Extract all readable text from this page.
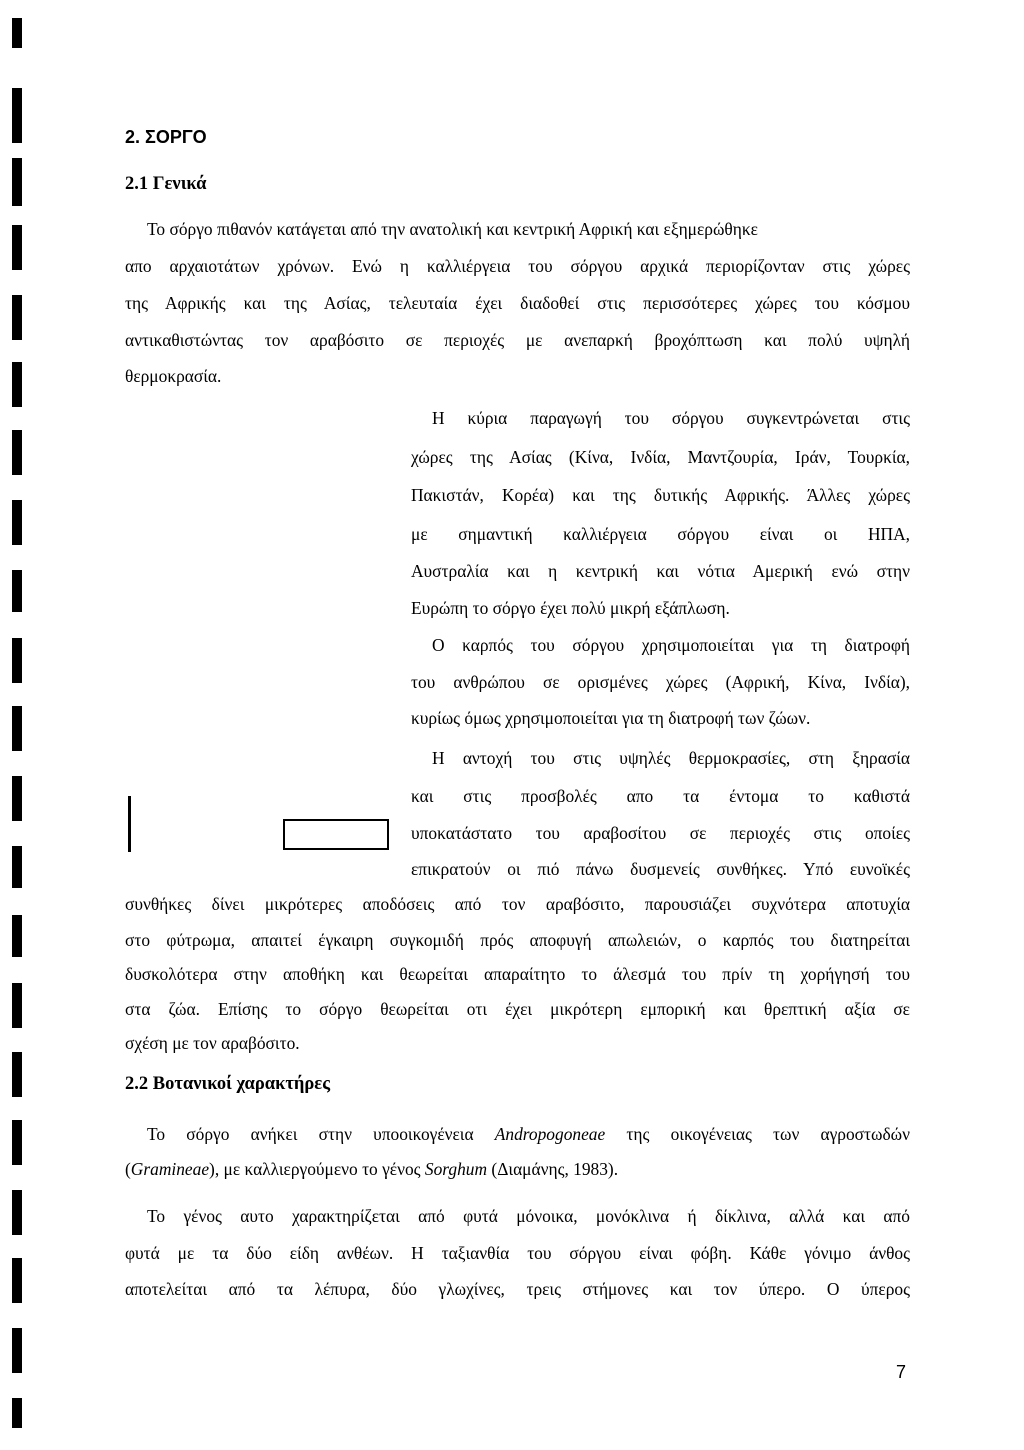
2. ΣΟΡΓΟ
2.1 Γενικά
Το σόργο πιθανόν κατάγεται από την ανατολική και κεντρική Αφρική και εξημερώθηκε
απο αρχαιοτάτων χρόνων. Ενώ η καλλιέργεια του σόργου αρχικά περιορίζονταν στις χώρες
της Αφρικής και της Ασίας, τελευταία έχει διαδοθεί στις περισσότερες χώρες του κόσμου
αντικαθιστώντας τον αραβόσιτο σε περιοχές με ανεπαρκή βροχόπτωση και πολύ υψηλή
θερμοκρασία.
Η κύρια παραγωγή του σόργου συγκεντρώνεται στις
χώρες της Ασίας (Κίνα, Ινδία, Μαντζουρία, Ιράν, Τουρκία,
Πακιστάν, Κορέα) και της δυτικής Αφρικής. Άλλες χώρες
με σημαντική καλλιέργεια σόργου είναι οι ΗΠΑ,
Αυστραλία και η κεντρική και νότια Αμερική ενώ στην
Ευρώπη το σόργο έχει πολύ μικρή εξάπλωση.
Ο καρπός του σόργου χρησιμοποιείται για τη διατροφή
του ανθρώπου σε ορισμένες χώρες (Αφρική, Κίνα, Ινδία),
κυρίως όμως χρησιμοποιείται για τη διατροφή των ζώων.
Η αντοχή του στις υψηλές θερμοκρασίες, στη ξηρασία
και στις προσβολές απο τα έντομα το καθιστά
υποκατάστατο του αραβοσίτου σε περιοχές στις οποίες
επικρατούν οι πιό πάνω δυσμενείς συνθήκες. Υπό ευνοϊκές
συνθήκες δίνει μικρότερες αποδόσεις από τον αραβόσιτο, παρουσιάζει συχνότερα αποτυχία
στο φύτρωμα, απαιτεί έγκαιρη συγκομιδή πρός αποφυγή απωλειών, ο καρπός του διατηρείται
δυσκολότερα στην αποθήκη και θεωρείται απαραίτητο το άλεσμά του πρίν τη χορήγησή του
στα ζώα. Επίσης το σόργο θεωρείται οτι έχει μικρότερη εμπορική και θρεπτική αξία σε
σχέση με τον αραβόσιτο.
2.2 Βοτανικοί χαρακτήρες
Το σόργο ανήκει στην υποοικογένεια Andropogoneae της οικογένειας των αγροστωδών
(Gramineae), με καλλιεργούμενο το γένος Sorghum (Διαμάνης, 1983).
Το γένος αυτο χαρακτηρίζεται από φυτά μόνοικα, μονόκλινα ή δίκλινα, αλλά και από
φυτά με τα δύο είδη ανθέων. Η ταξιανθία του σόργου είναι φόβη. Κάθε γόνιμο άνθος
αποτελείται από τα λέπυρα, δύο γλωχίνες, τρεις στήμονες και τον ύπερο. Ο ύπερος
7
